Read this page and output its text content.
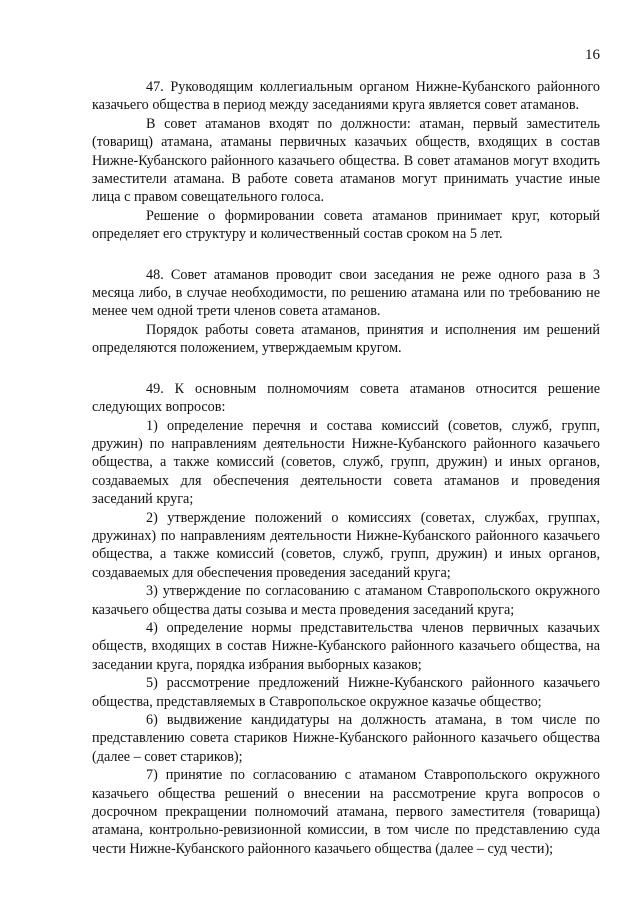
16

47. Руководящим коллегиальным органом Нижне-Кубанского районного казачьего общества в период между заседаниями круга является совет атаманов.

В совет атаманов входят по должности: атаман, первый заместитель (товарищ) атамана, атаманы первичных казачьих обществ, входящих в состав Нижне-Кубанского районного казачьего общества. В совет атаманов могут входить заместители атамана. В работе совета атаманов могут принимать участие иные лица с правом совещательного голоса.

Решение о формировании совета атаманов принимает круг, который определяет его структуру и количественный состав сроком на 5 лет.

48. Совет атаманов проводит свои заседания не реже одного раза в 3 месяца либо, в случае необходимости, по решению атамана или по требованию не менее чем одной трети членов совета атаманов.

Порядок работы совета атаманов, принятия и исполнения им решений определяются положением, утверждаемым кругом.

49. К основным полномочиям совета атаманов относится решение следующих вопросов:

1) определение перечня и состава комиссий (советов, служб, групп, дружин) по направлениям деятельности Нижне-Кубанского районного казачьего общества, а также комиссий (советов, служб, групп, дружин) и иных органов, создаваемых для обеспечения деятельности совета атаманов и проведения заседаний круга;

2) утверждение положений о комиссиях (советах, службах, группах, дружинах) по направлениям деятельности Нижне-Кубанского районного казачьего общества, а также комиссий (советов, служб, групп, дружин) и иных органов, создаваемых для обеспечения проведения заседаний круга;

3) утверждение по согласованию с атаманом Ставропольского окружного казачьего общества даты созыва и места проведения заседаний круга;

4) определение нормы представительства членов первичных казачьих обществ, входящих в состав Нижне-Кубанского районного казачьего общества, на заседании круга, порядка избрания выборных казаков;

5) рассмотрение предложений Нижне-Кубанского районного казачьего общества, представляемых в Ставропольское окружное казачье общество;

6) выдвижение кандидатуры на должность атамана, в том числе по представлению совета стариков Нижне-Кубанского районного казачьего общества (далее – совет стариков);

7) принятие по согласованию с атаманом Ставропольского окружного казачьего общества решений о внесении на рассмотрение круга вопросов о досрочном прекращении полномочий атамана, первого заместителя (товарища) атамана, контрольно-ревизионной комиссии, в том числе по представлению суда чести Нижне-Кубанского районного казачьего общества (далее – суд чести);
